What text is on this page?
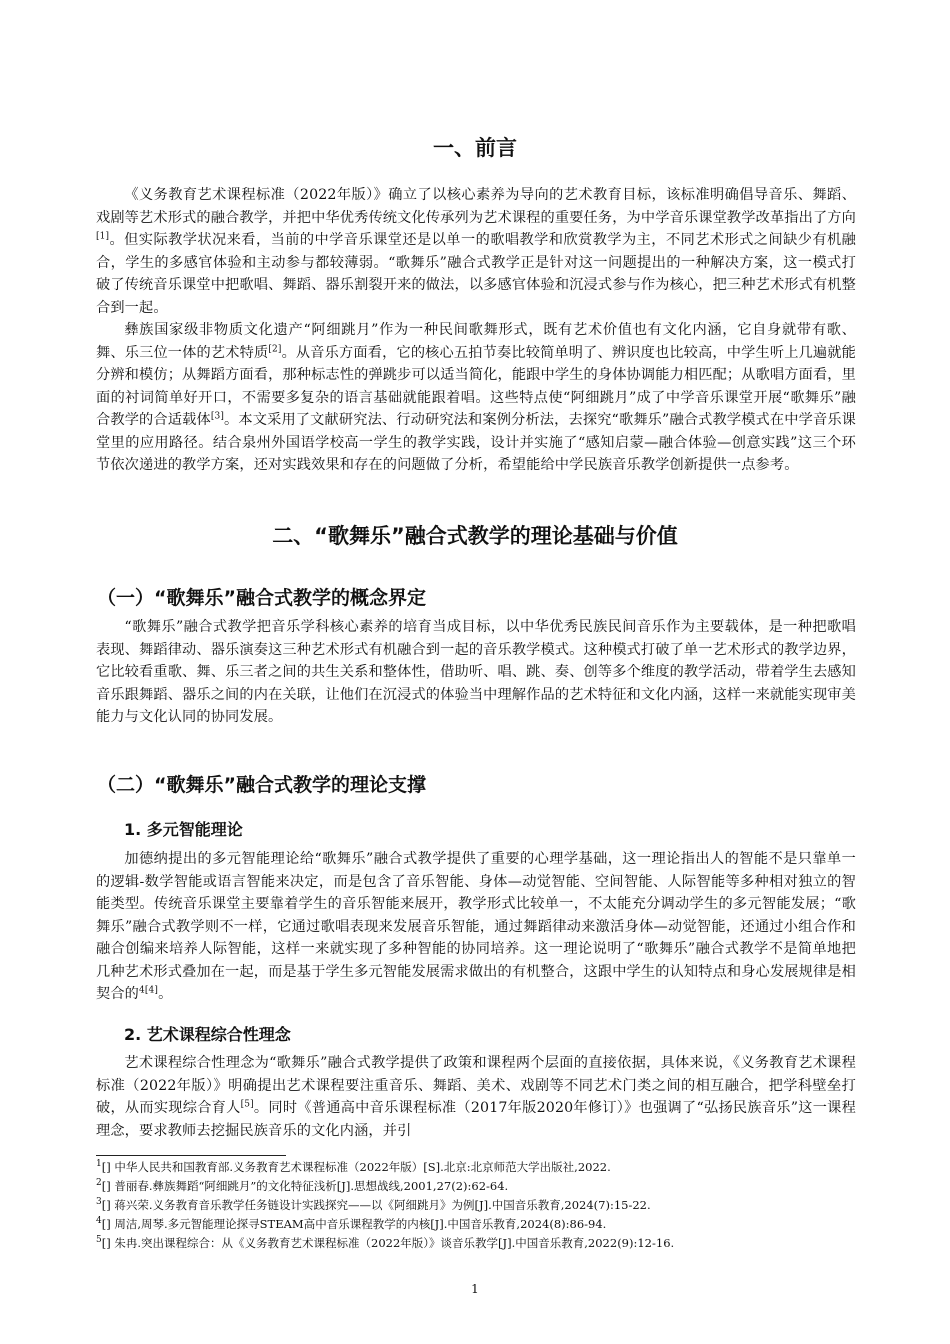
一、前言
《义务教育艺术课程标准（2022年版）》确立了以核心素养为导向的艺术教育目标，该标准明确倡导音乐、舞蹈、戏剧等艺术形式的融合教学，并把中华优秀传统文化传承列为艺术课程的重要任务，为中学音乐课堂教学改革指出了方向[1]。但实际教学状况来看，当前的中学音乐课堂还是以单一的歌唱教学和欣赏教学为主，不同艺术形式之间缺少有机融合，学生的多感官体验和主动参与都较薄弱。“歌舞乐”融合式教学正是针对这一问题提出的一种解决方案，这一模式打破了传统音乐课堂中把歌唱、舞蹈、器乐割裂开来的做法，以多感官体验和沉浸式参与作为核心，把三种艺术形式有机整合到一起。
彝族国家级非物质文化遗产“阿细跳月”作为一种民间歌舞形式，既有艺术价值也有文化内涵，它自身就带有歌、舞、乐三位一体的艺术特质[2]。从音乐方面看，它的核心五拍节奏比较简单明了、辨识度也比较高，中学生听上几遍就能分辨和模仿；从舞蹈方面看，那种标志性的弹跳步可以适当简化，能跟中学生的身体协调能力相匹配；从歌唱方面看，里面的衬词简单好开口，不需要多复杂的语言基础就能跟着唱。这些特点使“阿细跳月”成了中学音乐课堂开展“歌舞乐”融合教学的合适载体[3]。本文采用了文献研究法、行动研究法和案例分析法，去探究“歌舞乐”融合式教学模式在中学音乐课堂里的应用路径。结合泉州外国语学校高一学生的教学实践，设计并实施了“感知启蒙—融合体验—创意实践”这三个环节依次递进的教学方案，还对实践效果和存在的问题做了分析，希望能给中学民族音乐教学创新提供一点参考。
二、“歌舞乐”融合式教学的理论基础与价值
（一）“歌舞乐”融合式教学的概念界定
“歌舞乐”融合式教学把音乐学科核心素养的培育当成目标，以中华优秀民族民间音乐作为主要载体，是一种把歌唱表现、舞蹈律动、器乐演奏这三种艺术形式有机融合到一起的音乐教学模式。这种模式打破了单一艺术形式的教学边界，它比较看重歌、舞、乐三者之间的共生关系和整体性，借助听、唱、跳、奏、创等多个维度的教学活动，带着学生去感知音乐跟舞蹈、器乐之间的内在关联，让他们在沉浸式的体验当中理解作品的艺术特征和文化内涵，这样一来就能实现审美能力与文化认同的协同发展。
（二）“歌舞乐”融合式教学的理论支撑
1. 多元智能理论
加德纳提出的多元智能理论给“歌舞乐”融合式教学提供了重要的心理学基础，这一理论指出人的智能不是只靠单一的逻辑-数学智能或语言智能来决定，而是包含了音乐智能、身体—动觉智能、空间智能、人际智能等多种相对独立的智能类型。传统音乐课堂主要靠着学生的音乐智能来展开，教学形式比较单一，不太能充分调动学生的多元智能发展；“歌舞乐”融合式教学则不一样，它通过歌唱表现来发展音乐智能，通过舞蹈律动来激活身体—动觉智能，还通过小组合作和融合创编来培养人际智能，这样一来就实现了多种智能的协同培养。这一理论说明了“歌舞乐”融合式教学不是简单地把几种艺术形式叠加在一起，而是基于学生多元智能发展需求做出的有机整合，这跟中学生的认知特点和身心发展规律是相契合的$^{4[4]}$。
2. 艺术课程综合性理念
艺术课程综合性理念为“歌舞乐”融合式教学提供了政策和课程两个层面的直接依据，具体来说，《义务教育艺术课程标准（2022年版）》明确提出艺术课程要注重音乐、舞蹈、美术、戏剧等不同艺术门类之间的相互融合，把学科壁垒打破，从而实现综合育人[5]。同时《普通高中音乐课程标准（2017年版2020年修订）》也强调了“弘扬民族音乐”这一课程理念，要求教师去挖掘民族音乐的文化内涵，并引
$^1$[] 中华人民共和国教育部.义务教育艺术课程标准（2022年版）[S].北京:北京师范大学出版社,2022.
$^2$[] 普丽春.彝族舞蹈“阿细跳月”的文化特征浅析[J].思想战线,2001,27(2):62-64.
$^3$[] 蒋兴荣.义务教育音乐教学任务链设计实践探究——以《阿细跳月》为例[J].中国音乐教育,2024(7):15-22.
$^4$[] 周洁,周琴.多元智能理论探寻STEAM高中音乐课程教学的内核[J].中国音乐教育,2024(8):86-94.
$^5$[] 朱冉.突出课程综合：从《义务教育艺术课程标准（2022年版）》谈音乐教学[J].中国音乐教育,2022(9):12-16.
1
